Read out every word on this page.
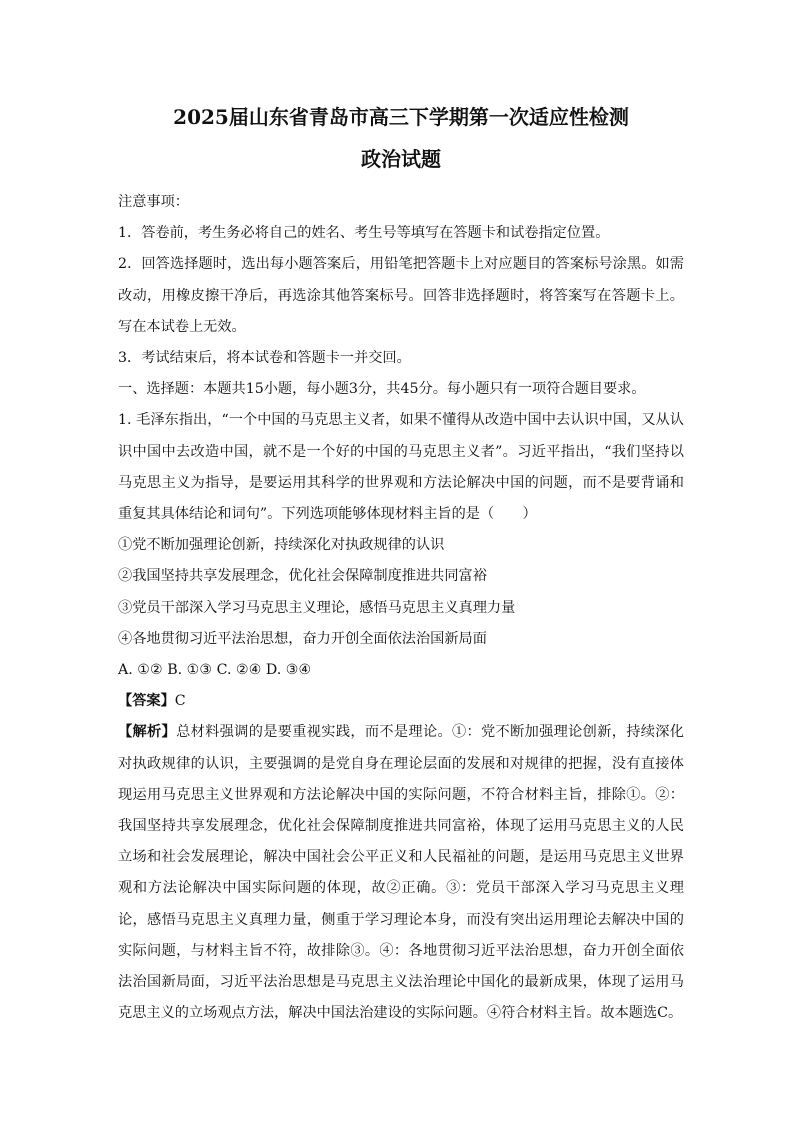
2025届山东省青岛市高三下学期第一次适应性检测
政治试题

注意事项：

1．答卷前，考生务必将自己的姓名、考生号等填写在答题卡和试卷指定位置。

2．回答选择题时，选出每小题答案后，用铅笔把答题卡上对应题目的答案标号涂黑。如需改动，用橡皮擦干净后，再选涂其他答案标号。回答非选择题时，将答案写在答题卡上。写在本试卷上无效。

3．考试结束后，将本试卷和答题卡一并交回。

一、选择题：本题共15小题，每小题3分，共45分。每小题只有一项符合题目要求。

1. 毛泽东指出，“一个中国的马克思主义者，如果不懂得从改造中国中去认识中国，又从认识中国中去改造中国，就不是一个好的中国的马克思主义者”。习近平指出，“我们坚持以马克思主义为指导，是要运用其科学的世界观和方法论解决中国的问题，而不是要背诵和重复其具体结论和词句”。下列选项能够体现材料主旨的是（　　）

①党不断加强理论创新，持续深化对执政规律的认识

②我国坚持共享发展理念，优化社会保障制度推进共同富裕

③党员干部深入学习马克思主义理论，感悟马克思主义真理力量

④各地贯彻习近平法治思想，奋力开创全面依法治国新局面

A. ①② B. ①③ C. ②④ D. ③④

【答案】C

【解析】总材料强调的是要重视实践，而不是理论。①：党不断加强理论创新，持续深化对执政规律的认识，主要强调的是党自身在理论层面的发展和对规律的把握，没有直接体现运用马克思主义世界观和方法论解决中国的实际问题，不符合材料主旨，排除①。②：我国坚持共享发展理念，优化社会保障制度推进共同富裕，体现了运用马克思主义的人民立场和社会发展理论，解决中国社会公平正义和人民福祉的问题，是运用马克思主义世界观和方法论解决中国实际问题的体现，故②正确。③：党员干部深入学习马克思主义理论，感悟马克思主义真理力量，侧重于学习理论本身，而没有突出运用理论去解决中国的实际问题，与材料主旨不符，故排除③。④：各地贯彻习近平法治思想，奋力开创全面依法治国新局面，习近平法治思想是马克思主义法治理论中国化的最新成果，体现了运用马克思主义的立场观点方法，解决中国法治建设的实际问题。④符合材料主旨。故本题选C。
